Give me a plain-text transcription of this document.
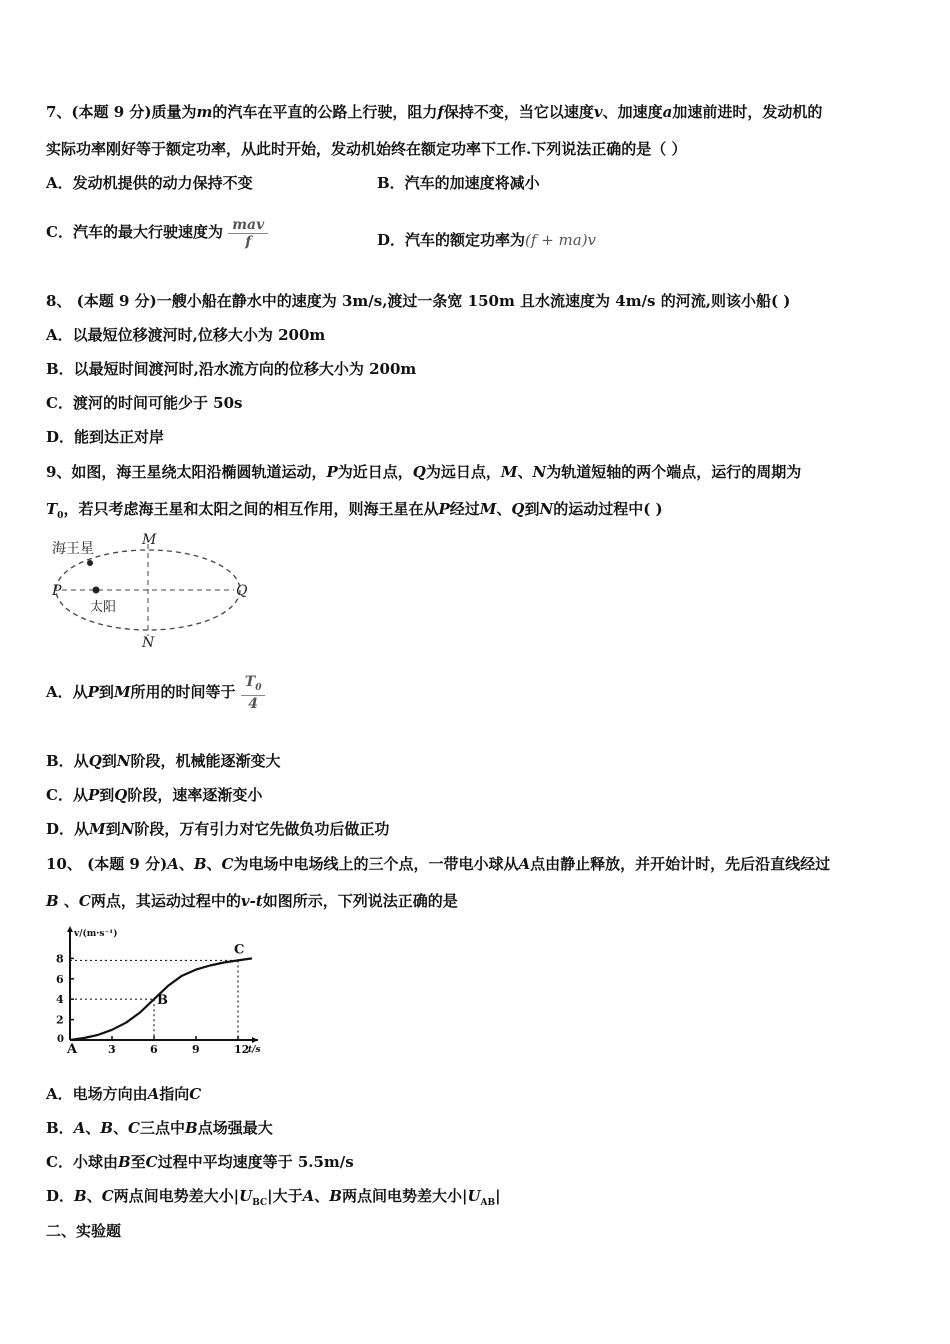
7、(本题 9 分)质量为m的汽车在平直的公路上行驶，阻力f保持不变，当它以速度v、加速度a加速前进时，发动机的
实际功率刚好等于额定功率，从此时开始，发动机始终在额定功率下工作.下列说法正确的是（ ）
A．发动机提供的动力保持不变	B．汽车的加速度将减小
C．汽车的最大行驶速度为 $\frac{\text{mav}}{f}$	D．汽车的额定功率为(f + ma)v
8、 (本题 9 分)一艘小船在静水中的速度为 3m/s,渡过一条宽 150m 且水流速度为 4m/s 的河流,则该小船( )
A．以最短位移渡河时,位移大小为 200m
B．以最短时间渡河时,沿水流方向的位移大小为 200m
C．渡河的时间可能少于 50s
D．能到达正对岸
9、如图，海王星绕太阳沿椭圆轨道运动，P为近日点，Q为远日点，M、N为轨道短轴的两个端点，运行的周期为
$T_0$，若只考虑海王星和太阳之间的相互作用，则海王星在从P经过M、Q到N的运动过程中( )
海王星
太阳
M
N
P	Q
A．从P到M所用的时间等于 $\frac{T_0}{4}$
B．从Q到N阶段，机械能逐渐变大
C．从P到Q阶段，速率逐渐变小
D．从M到N阶段，万有引力对它先做负功后做正功
10、 (本题 9 分)A、B、C为电场中电场线上的三个点，一带电小球从A点由静止释放，并开始计时，先后沿直线经过
B 、C两点，其运动过程中的v-t如图所示，下列说法正确的是
v/(m·s⁻¹)
t/s
0
2
4
6
8
3	6	9	12
A
B
C
A．电场方向由A指向C
B．A、B、C三点中B点场强最大
C．小球由B至C过程中平均速度等于 5.5m/s
D．B、C两点间电势差大小$|U_{BC}|$大于A、B两点间电势差大小$|U_{AB}|$
二、实验题
